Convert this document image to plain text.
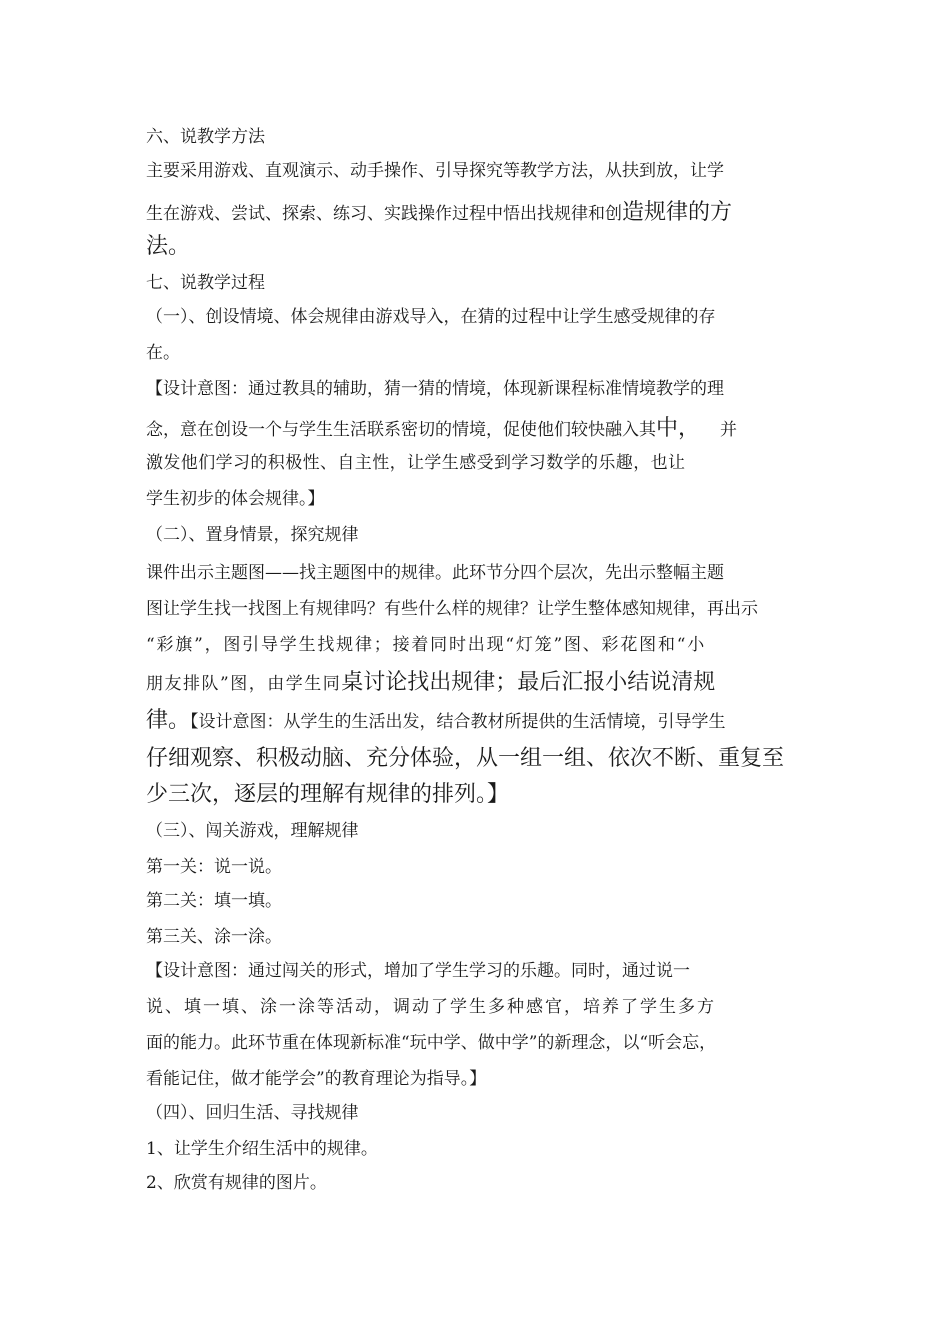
六、说教学方法
主要采用游戏、直观演示、动手操作、引导探究等教学方法，从扶到放，让学
生在游戏、尝试、探索、练习、实践操作过程中悟出找规律和创造规律的方
法。
七、说教学过程
（一）、创设情境、体会规律由游戏导入，在猜的过程中让学生感受规律的存
在。
【设计意图：通过教具的辅助，猜一猜的情境，体现新课程标准情境教学的理
念，意在创设一个与学生生活联系密切的情境，促使他们较快融入其中， 并
激发他们学习的积极性、自主性，让学生感受到学习数学的乐趣，也让
学生初步的体会规律。】
（二）、置身情景，探究规律
课件出示主题图——找主题图中的规律。此环节分四个层次，先出示整幅主题
图让学生找一找图上有规律吗？有些什么样的规律？让学生整体感知规律，再出示
“彩旗”，图引导学生找规律；接着同时出现“灯笼”图、彩花图和“小
朋友排队”图，由学生同桌讨论找出规律；最后汇报小结说清规
律。【设计意图：从学生的生活出发，结合教材所提供的生活情境，引导学生
仔细观察、积极动脑、充分体验，从一组一组、依次不断、重复至
少三次，逐层的理解有规律的排列。】
（三）、闯关游戏，理解规律
第一关：说一说。
第二关：填一填。
第三关、涂一涂。
【设计意图：通过闯关的形式，增加了学生学习的乐趣。同时，通过说一
说、填一填、涂一涂等活动，调动了学生多种感官，培养了学生多方
面的能力。此环节重在体现新标准“玩中学、做中学”的新理念，以“听会忘，
看能记住，做才能学会”的教育理论为指导。】
（四）、回归生活、寻找规律
1、让学生介绍生活中的规律。
2、欣赏有规律的图片。
